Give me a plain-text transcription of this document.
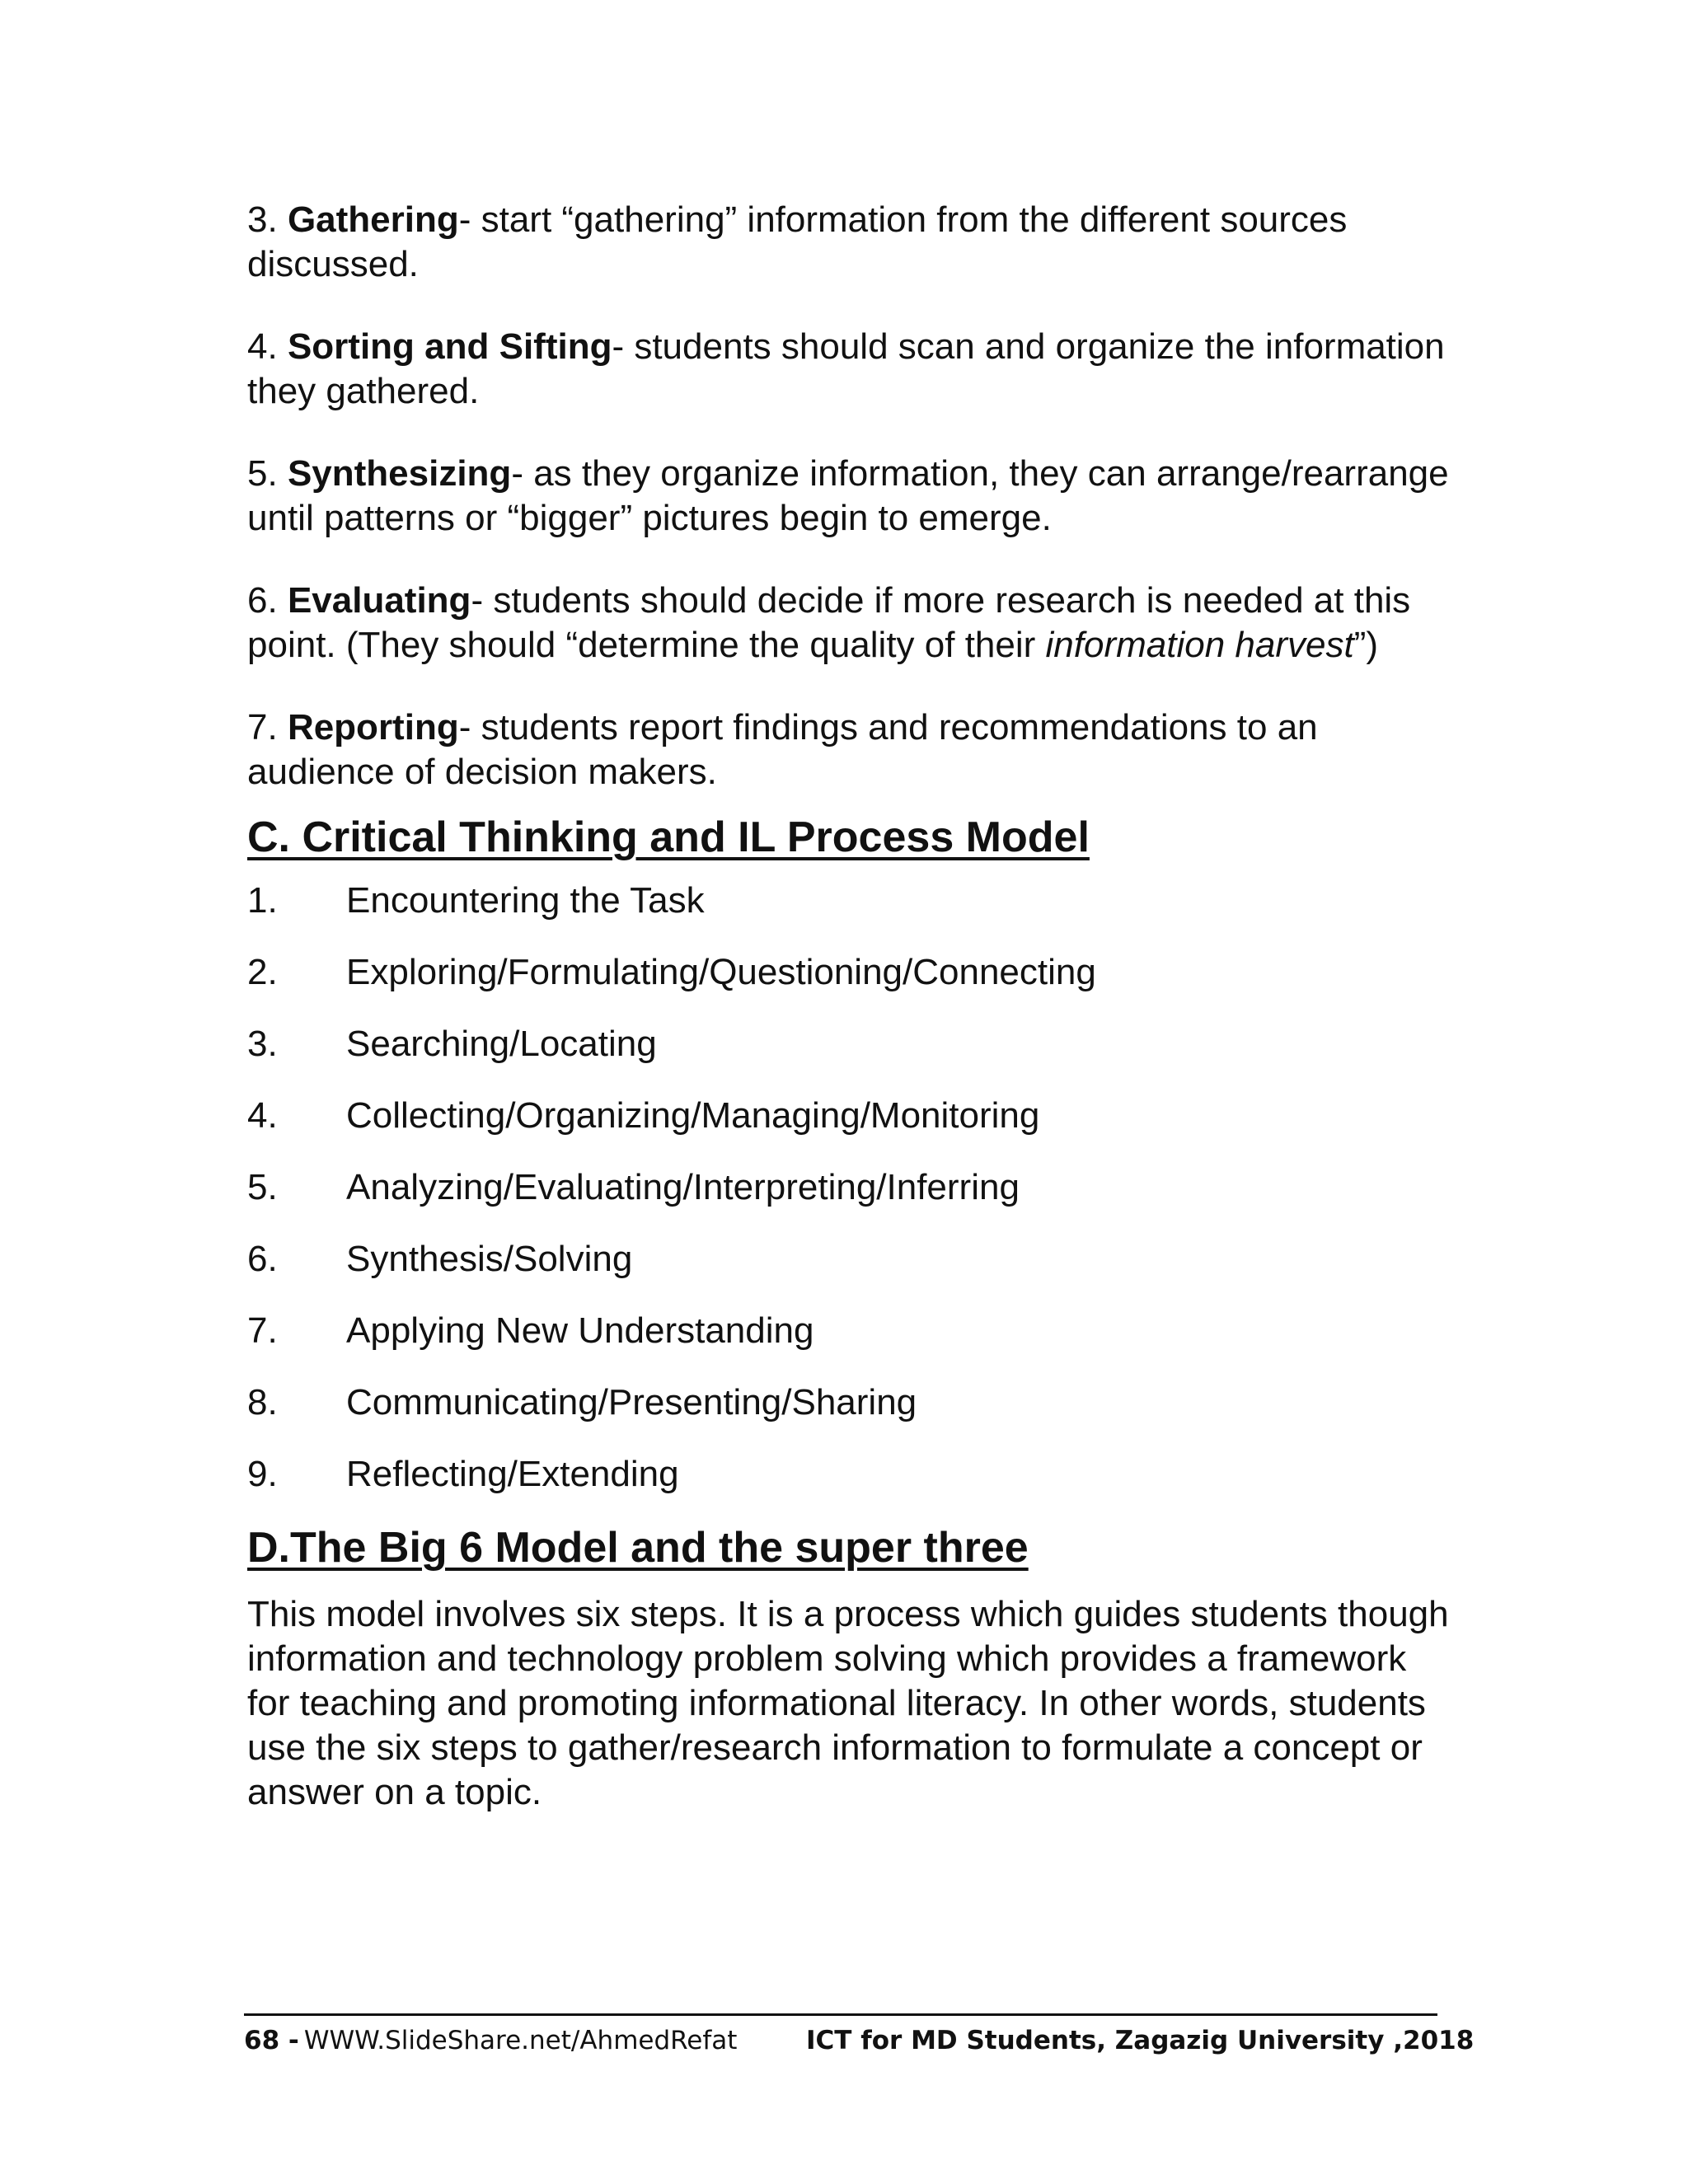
3. Gathering- start “gathering” information from the different sources discussed.

4. Sorting and Sifting- students should scan and organize the information they gathered.

5. Synthesizing- as they organize information, they can arrange/rearrange until patterns or “bigger” pictures begin to emerge.

6. Evaluating- students should decide if more research is needed at this point. (They should “determine the quality of their information harvest”)

7. Reporting- students report findings and recommendations to an audience of decision makers.

C. Critical Thinking and IL Process Model
1.	Encountering the Task
2.	Exploring/Formulating/Questioning/Connecting
3.	Searching/Locating
4.	Collecting/Organizing/Managing/Monitoring
5.	Analyzing/Evaluating/Interpreting/Inferring
6.	Synthesis/Solving
7.	Applying New Understanding
8.	Communicating/Presenting/Sharing
9.	Reflecting/Extending
D.The Big 6 Model and the super three

This model involves six steps. It is a process which guides students though information and technology problem solving which provides a framework for teaching and promoting informational literacy. In other words, students use the six steps to gather/research information to formulate a concept or answer on a topic.

68 - WWW.SlideShare.net/AhmedRefat	ICT for MD Students, Zagazig University ,2018
